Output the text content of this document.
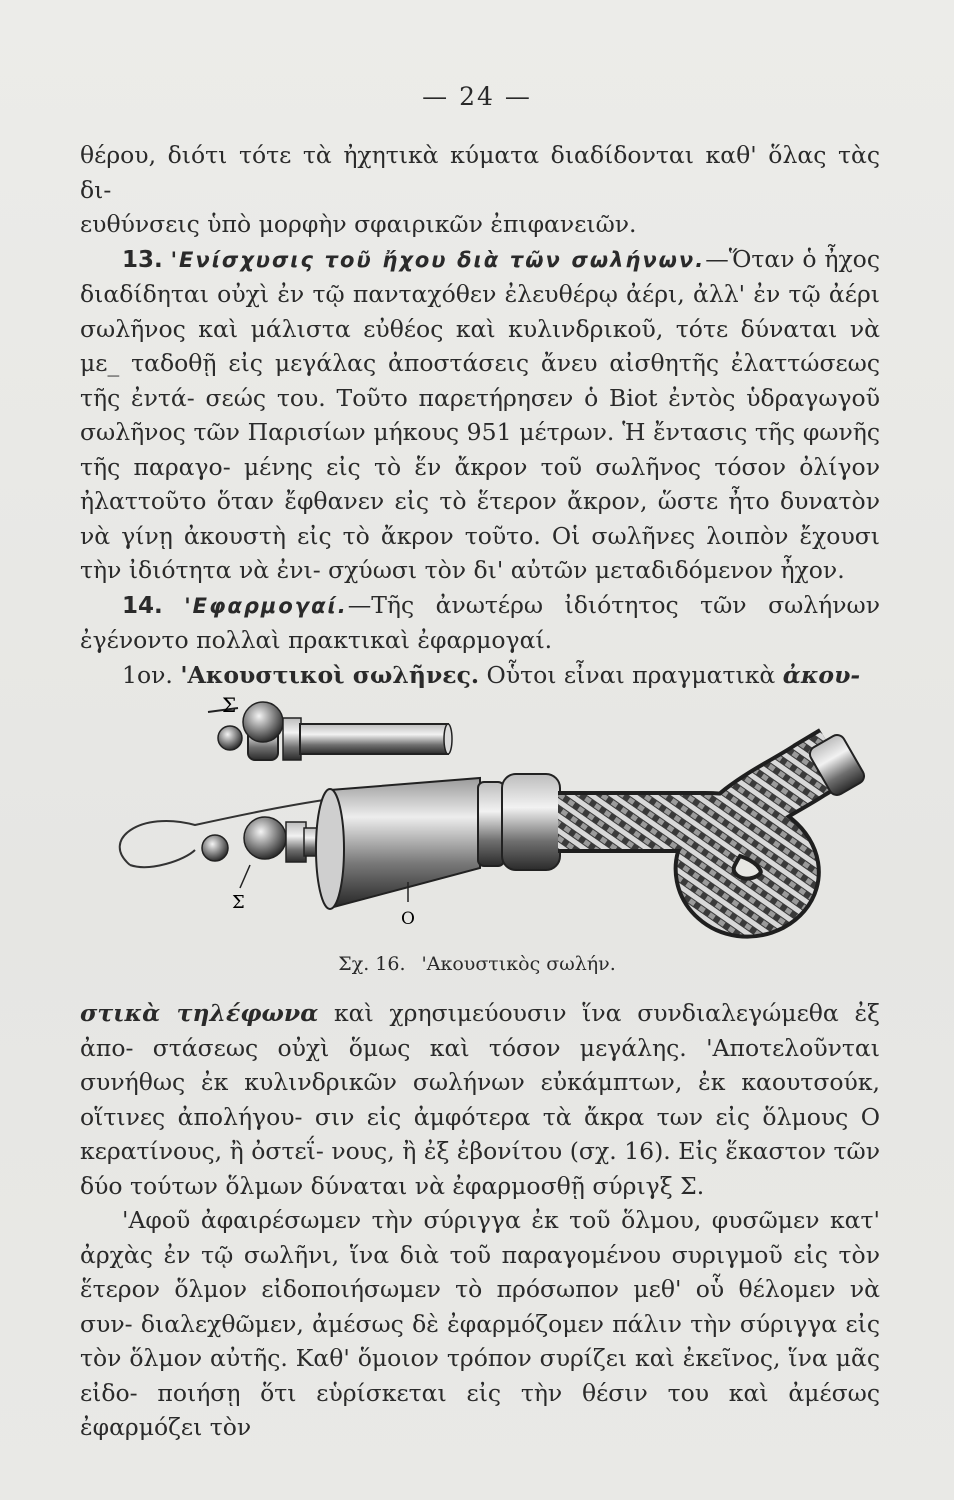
— 24 —

θέρου, διότι τότε τὰ ἠχητικὰ κύματα διαδίδονται καθ' ὅλας τὰς δι-

ευθύνσεις ὑπὸ μορφὴν σφαιρικῶν ἐπιφανειῶν.

13. 'Ενίσχυσις τοῦ ἤχου διὰ τῶν σωλήνων.—Ὅταν ὁ ἦχος διαδίδηται οὐχὶ ἐν τῷ πανταχόθεν ἐλευθέρῳ ἀέρι, ἀλλ' ἐν τῷ ἀέρι σωλῆνος καὶ μάλιστα εὐθέος καὶ κυλινδρικοῦ, τότε δύναται νὰ με_ ταδοθῇ εἰς μεγάλας ἀποστάσεις ἄνευ αἰσθητῆς ἐλαττώσεως τῆς ἐντά- σεώς του. Τοῦτο παρετήρησεν ὁ Biot ἐντὸς ὑδραγωγοῦ σωλῆνος τῶν Παρισίων μήκους 951 μέτρων. Ἡ ἔντασις τῆς φωνῆς τῆς παραγο- μένης εἰς τὸ ἕν ἄκρον τοῦ σωλῆνος τόσον ὀλίγον ἠλαττοῦτο ὅταν ἔφθανεν εἰς τὸ ἕτερον ἄκρον, ὥστε ἦτο δυνατὸν νὰ γίνῃ ἀκουστὴ εἰς τὸ ἄκρον τοῦτο. Οἱ σωλῆνες λοιπὸν ἔχουσι τὴν ἰδιότητα νὰ ἐνι- σχύωσι τὸν δι' αὐτῶν μεταδιδόμενον ἦχον.

14. 'Εφαρμογαί.—Τῆς ἀνωτέρω ἰδιότητος τῶν σωλήνων ἐγένοντο πολλαὶ πρακτικαὶ ἐφαρμογαί.

1ον. 'Ακουστικοὶ σωλῆνες. Οὗτοι εἶναι πραγματικὰ ἀκου-

Σ
Σ
Ο
Σχ. 16. 'Ακουστικὸς σωλήν.

στικὰ τηλέφωνα καὶ χρησιμεύουσιν ἵνα συνδιαλεγώμεθα ἐξ ἀπο- στάσεως οὐχὶ ὅμως καὶ τόσον μεγάλης. 'Αποτελοῦνται συνήθως ἐκ κυλινδρικῶν σωλήνων εὐκάμπτων, ἐκ καουτσούκ, οἵτινες ἀπολήγου- σιν εἰς ἀμφότερα τὰ ἄκρα των εἰς ὅλμους Ο κερατίνους, ἢ ὀστεΐ- νους, ἢ ἐξ ἐβονίτου (σχ. 16). Εἰς ἕκαστον τῶν δύο τούτων ὅλμων δύναται νὰ ἐφαρμοσθῇ σύριγξ Σ.

'Αφοῦ ἀφαιρέσωμεν τὴν σύριγγα ἐκ τοῦ ὅλμου, φυσῶμεν κατ' ἀρχὰς ἐν τῷ σωλῆνι, ἵνα διὰ τοῦ παραγομένου συριγμοῦ εἰς τὸν ἕτερον ὅλμον εἰδοποιήσωμεν τὸ πρόσωπον μεθ' οὗ θέλομεν νὰ συν- διαλεχθῶμεν, ἀμέσως δὲ ἐφαρμόζομεν πάλιν τὴν σύριγγα εἰς τὸν ὅλμον αὐτῆς. Καθ' ὅμοιον τρόπον συρίζει καὶ ἐκεῖνος, ἵνα μᾶς εἰδο- ποιήσῃ ὅτι εὑρίσκεται εἰς τὴν θέσιν του καὶ ἀμέσως ἐφαρμόζει τὸν
